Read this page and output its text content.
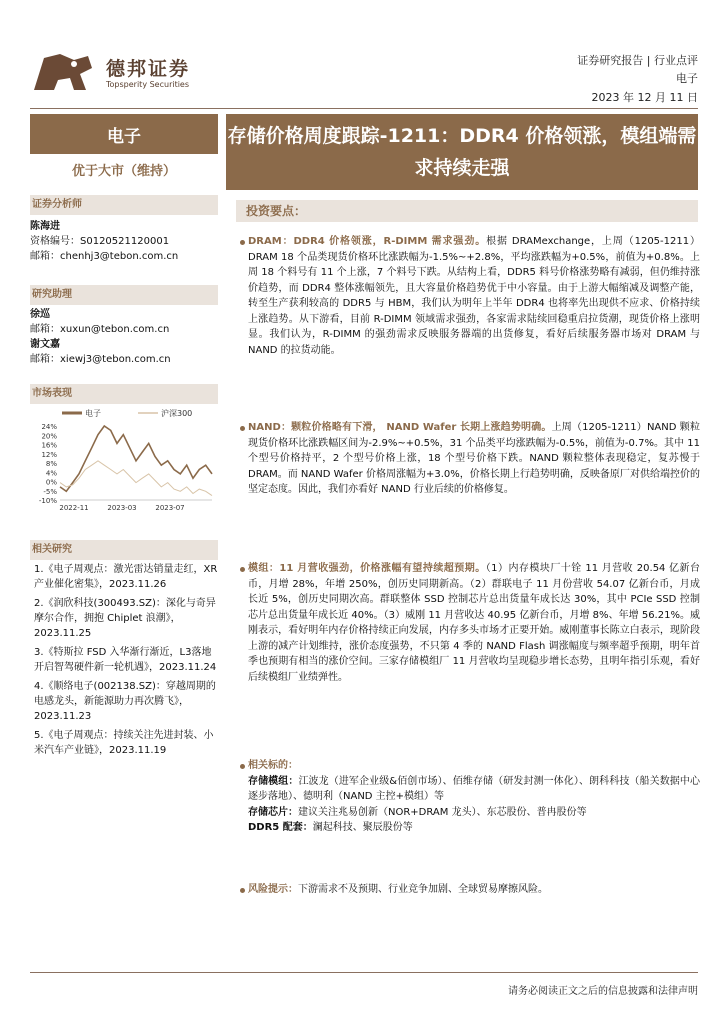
德邦证券
Topsperity Securities
证券研究报告 | 行业点评
电子
2023 年 12 月 11 日
电子
优于大市（维持）
证券分析师
陈海进
资格编号：S0120521120001
邮箱：chenhj3@tebon.com.cn
研究助理
徐巡
邮箱：xuxun@tebon.com.cn
谢文嘉
邮箱：xiewj3@tebon.com.cn
市场表现
电子	沪深300
24%
20%
16%
12%
8%
4%
0%
-5%
-10%
2022-11	2023-03	2023-07
相关研究
1.《电子周观点：激光雷达销量走红，XR 产业催化密集》，2023.11.26
2.《润欣科技(300493.SZ)：深化与奇异摩尔合作，拥抱 Chiplet 浪潮》，2023.11.25
3.《特斯拉 FSD 入华渐行渐近，L3落地开启智驾硬件新一轮机遇》，2023.11.24
4.《顺络电子(002138.SZ)：穿越周期的电感龙头，新能源助力再次腾飞》，2023.11.23
5.《电子周观点：持续关注先进封装、小米汽车产业链》，2023.11.19
存储价格周度跟踪-1211：DDR4 价格领涨，模组端需求持续走强
投资要点：
DRAM：DDR4 价格领涨，R-DIMM 需求强劲。根据 DRAMexchange，上周（1205-1211）DRAM 18 个品类现货价格环比涨跌幅为-1.5%~+2.8%，平均涨跌幅为+0.5%，前值为+0.8%。上周 18 个料号有 11 个上涨，7 个料号下跌。从结构上看，DDR5 料号价格涨势略有减弱，但仍维持涨价趋势，而 DDR4 整体涨幅领先，且大容量价格趋势优于中小容量。由于上游大幅缩减及调整产能，转至生产获利较高的 DDR5 与 HBM，我们认为明年上半年 DDR4 也将率先出现供不应求、价格持续上涨趋势。从下游看，目前 R-DIMM 领域需求强劲，各家需求陆续回稳重启拉货潮，现货价格上涨明显。我们认为，R-DIMM 的强劲需求反映服务器端的出货修复，看好后续服务器市场对 DRAM 与 NAND 的拉货动能。
NAND：颗粒价格略有下滑， NAND Wafer 长期上涨趋势明确。上周（1205-1211）NAND 颗粒现货价格环比涨跌幅区间为-2.9%~+0.5%，31 个品类平均涨跌幅为-0.5%，前值为-0.7%。其中 11 个型号价格持平，2 个型号价格上涨，18 个型号价格下跌。NAND 颗粒整体表现稳定，复苏慢于 DRAM。而 NAND Wafer 价格周涨幅为+3.0%，价格长期上行趋势明确，反映备原厂对供给端控价的坚定态度。因此，我们亦看好 NAND 行业后续的价格修复。
模组：11 月营收强劲，价格涨幅有望持续超预期。（1）内存模块厂十铨 11 月营收 20.54 亿新台币，月增 28%，年增 250%，创历史同期新高。（2）群联电子 11 月份营收 54.07 亿新台币，月成长近 5%，创历史同期次高。群联整体 SSD 控制芯片总出货量年成长达 30%，其中 PCIe SSD 控制芯片总出货量年成长近 40%。（3）威刚 11 月营收达 40.95 亿新台币，月增 8%、年增 56.21%。威刚表示，看好明年内存价格持续正向发展，内存多头市场才正要开始。威刚董事长陈立白表示，现阶段上游的减产计划维持，涨价态度强势，不只第 4 季的 NAND Flash 调涨幅度与频率超乎预期，明年首季也预期有相当的涨价空间。三家存储模组厂 11 月营收均呈现稳步增长态势，且明年指引乐观，看好后续模组厂业绩弹性。
相关标的：
存储模组：江波龙（进军企业级&佰创市场）、佰维存储（研发封测一体化）、朗科科技（船关数据中心逐步落地）、德明利（NAND 主控+模组）等
存储芯片：建议关注兆易创新（NOR+DRAM 龙头）、东芯股份、普冉股份等
DDR5 配套：澜起科技、聚辰股份等
风险提示：下游需求不及预期、行业竞争加剧、全球贸易摩擦风险。
请务必阅读正文之后的信息披露和法律声明
